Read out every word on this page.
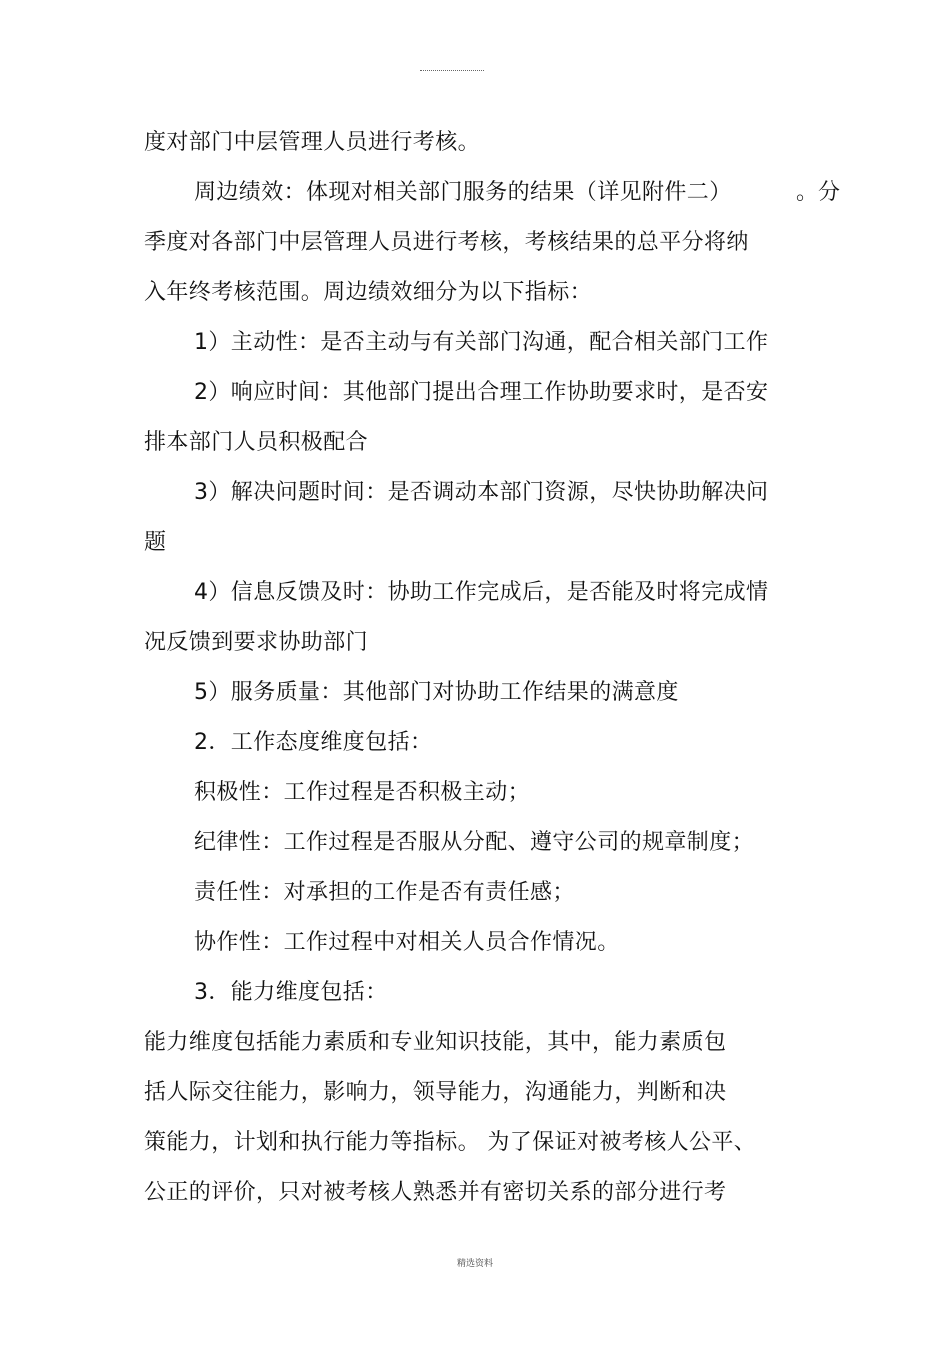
度对部门中层管理人员进行考核。
周边绩效：体现对相关部门服务的结果（详见附件二）	。分
季度对各部门中层管理人员进行考核，考核结果的总平分将纳
入年终考核范围。周边绩效细分为以下指标：
1）主动性：是否主动与有关部门沟通，配合相关部门工作
2）响应时间：其他部门提出合理工作协助要求时，是否安
排本部门人员积极配合
3）解决问题时间：是否调动本部门资源，尽快协助解决问
题
4）信息反馈及时：协助工作完成后，是否能及时将完成情
况反馈到要求协助部门
5）服务质量：其他部门对协助工作结果的满意度
2．工作态度维度包括：
积极性：工作过程是否积极主动；
纪律性：工作过程是否服从分配、遵守公司的规章制度；
责任性：对承担的工作是否有责任感；
协作性：工作过程中对相关人员合作情况。
3．能力维度包括：
能力维度包括能力素质和专业知识技能，其中，能力素质包
括人际交往能力，影响力，领导能力，沟通能力，判断和决
策能力，计划和执行能力等指标。 为了保证对被考核人公平、
公正的评价，只对被考核人熟悉并有密切关系的部分进行考
精选资料
